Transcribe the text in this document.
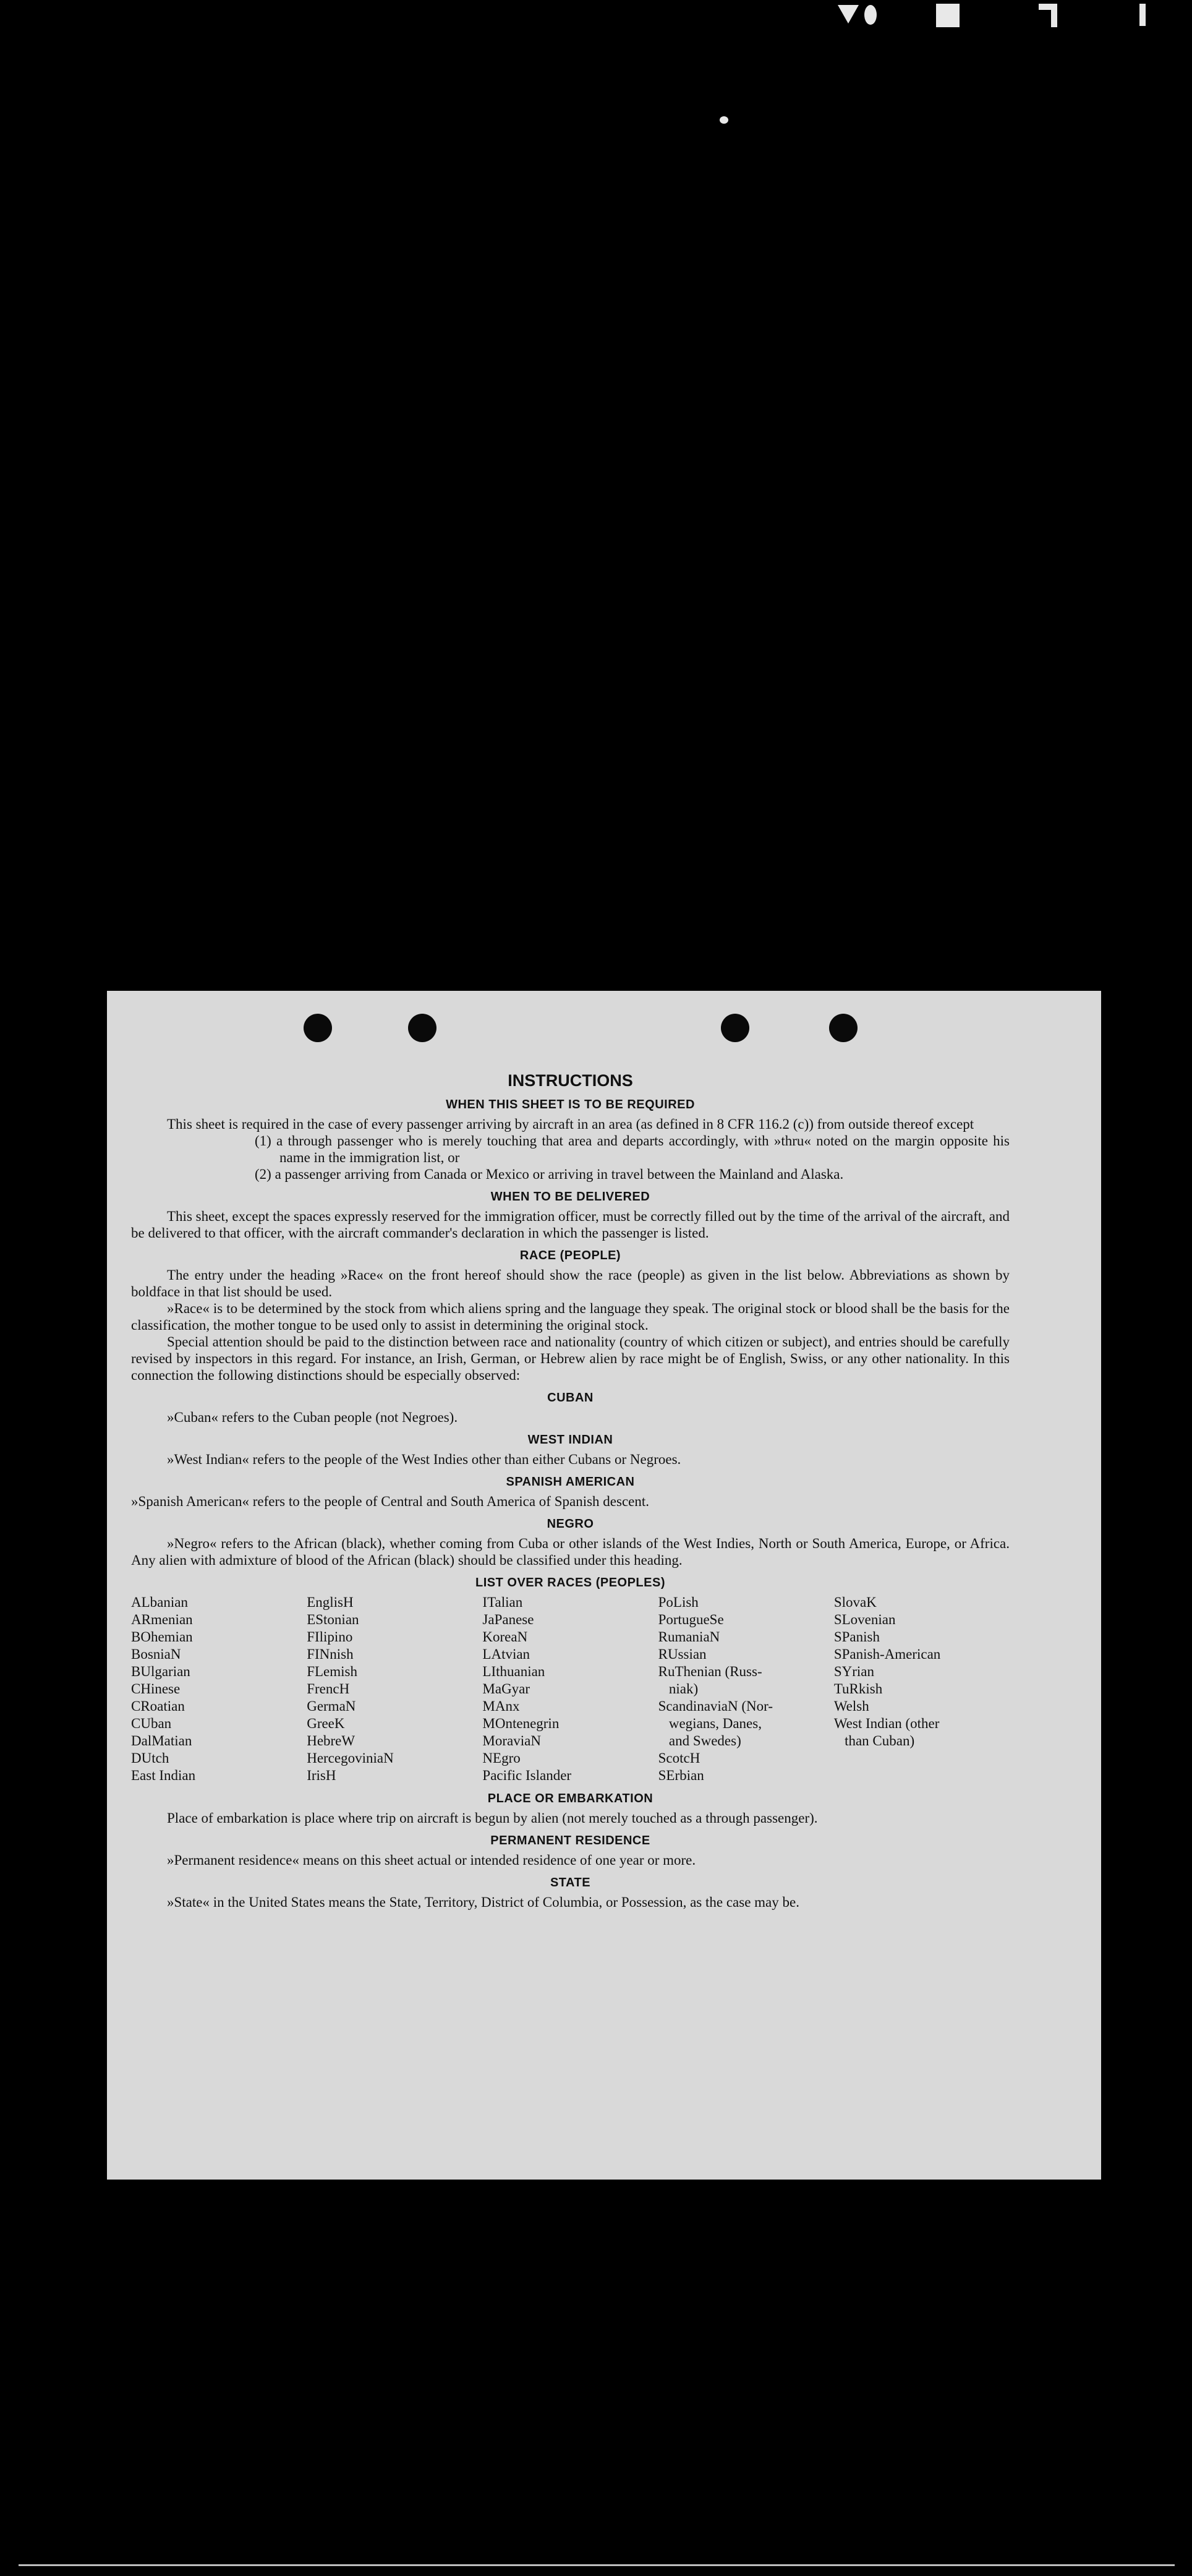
INSTRUCTIONS
WHEN THIS SHEET IS TO BE REQUIRED

This sheet is required in the case of every passenger arriving by aircraft in an area (as defined in 8 CFR 116.2 (c)) from outside thereof except

(1) a through passenger who is merely touching that area and departs accordingly, with »thru« noted on the margin opposite his name in the immigration list, or

(2) a passenger arriving from Canada or Mexico or arriving in travel between the Mainland and Alaska.

WHEN TO BE DELIVERED

This sheet, except the spaces expressly reserved for the immigration officer, must be correctly filled out by the time of the arrival of the aircraft, and be delivered to that officer, with the aircraft commander's declaration in which the passenger is listed.

RACE (PEOPLE)

The entry under the heading »Race« on the front hereof should show the race (people) as given in the list below. Abbreviations as shown by boldface in that list should be used.

»Race« is to be determined by the stock from which aliens spring and the language they speak. The original stock or blood shall be the basis for the classification, the mother tongue to be used only to assist in determining the original stock.

Special attention should be paid to the distinction between race and nationality (country of which citizen or subject), and entries should be carefully revised by inspectors in this regard. For instance, an Irish, German, or Hebrew alien by race might be of English, Swiss, or any other nationality. In this connection the following distinctions should be especially observed:

CUBAN

»Cuban« refers to the Cuban people (not Negroes).

WEST INDIAN

»West Indian« refers to the people of the West Indies other than either Cubans or Negroes.

SPANISH AMERICAN

»Spanish American« refers to the people of Central and South America of Spanish descent.

NEGRO

»Negro« refers to the African (black), whether coming from Cuba or other islands of the West Indies, North or South America, Europe, or Africa. Any alien with admixture of blood of the African (black) should be classified under this heading.

LIST OVER RACES (PEOPLES)
ALbanian
ARmenian
BOhemian
BosniaN
BUlgarian
CHinese
CRoatian
CUban
DalMatian
DUtch
East Indian
EnglisH
EStonian
FIlipino
FINnish
FLemish
FrencH
GermaN
GreeK
HebreW
HercegoviniaN
IrisH
ITalian
JaPanese
KoreaN
LAtvian
LIthuanian
MaGyar
MAnx
MOntenegrin
MoraviaN
NEgro
Pacific Islander
PoLish
PortugueSe
RumaniaN
RUssian
RuThenian (Russ-
niak)
ScandinaviaN (Nor-
wegians, Danes,
and Swedes)
ScotcH
SErbian
SlovaK
SLovenian
SPanish
SPanish-American
SYrian
TuRkish
Welsh
West Indian (other
than Cuban)
PLACE OR EMBARKATION

Place of embarkation is place where trip on aircraft is begun by alien (not merely touched as a through passenger).

PERMANENT RESIDENCE

»Permanent residence« means on this sheet actual or intended residence of one year or more.

STATE

»State« in the United States means the State, Territory, District of Columbia, or Possession, as the case may be.
